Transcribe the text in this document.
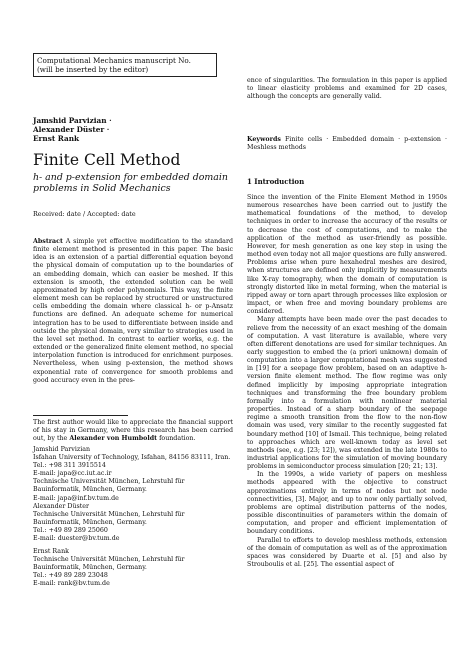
Computational Mechanics manuscript No.
(will be inserted by the editor)
Jamshid Parvizian ·
Alexander Düster ·
Ernst Rank
Finite Cell Method
h- and p-extension for embedded domain problems in Solid Mechanics
Received: date / Accepted: date
Abstract A simple yet effective modification to the standard finite element method is presented in this paper. The basic idea is an extension of a partial differential equation beyond the physical domain of computation up to the boundaries of an embedding domain, which can easier be meshed. If this extension is smooth, the extended solution can be well approximated by high order polynomials. This way, the finite element mesh can be replaced by structured or unstructured cells embedding the domain where classical h- or p-Ansatz functions are defined. An adequate scheme for numerical integration has to be used to differentiate between inside and outside the physical domain, very similar to strategies used in the level set method. In contrast to earlier works, e.g. the extended or the generalized finite element method, no special interpolation function is introduced for enrichment purposes. Nevertheless, when using p-extension, the method shows exponential rate of convergence for smooth problems and good accuracy even in the pres-
The first author would like to appreciate the financial support of his stay in Germany, where this research has been carried out, by the Alexander von Humboldt foundation.
Jamshid Parvizian
Isfahan University of Technology, Isfahan, 84156 83111, Iran.
Tel.: +98 311 3915514
E-mail: japa@cc.iut.ac.ir
Technische Universität München, Lehrstuhl für Bauinformatik, München, Germany.
E-mail: japa@inf.bv.tum.de
Alexander Düster
Technische Universität München, Lehrstuhl für Bauinformatik, München, Germany.
Tel.: +49 89 289 25060
E-mail: duester@bv.tum.de
Ernst Rank
Technische Universität München, Lehrstuhl für Bauinformatik, München, Germany.
Tel.: +49 89 289 23048
E-mail: rank@bv.tum.de
ence of singularities. The formulation in this paper is applied to linear elasticity problems and examined for 2D cases, although the concepts are generally valid.
Keywords Finite cells · Embedded domain · p-extension · Meshless methods
1 Introduction

Since the invention of the Finite Element Method in 1950s numerous researches have been carried out to justify the mathematical foundations of the method, to develop techniques in order to increase the accuracy of the results or to decrease the cost of computations, and to make the application of the method as user-friendly as possible. However, for mesh generation as one key step in using the method even today not all major questions are fully answered. Problems arise when pure hexahedral meshes are desired, when structures are defined only implicitly by measurements like X-ray tomography, when the domain of computation is strongly distorted like in metal forming, when the material is ripped away or torn apart through processes like explosion or impact, or when free and moving boundary problems are considered.

Many attempts have been made over the past decades to relieve from the necessity of an exact meshing of the domain of computation. A vast literature is available, where very often different denotations are used for similar techniques. An early suggestion to embed the (a priori unknown) domain of computation into a larger computational mesh was suggested in [19] for a seepage flow problem, based on an adaptive h-version finite element method. The flow regime was only defined implicitly by imposing appropriate integration techniques and transforming the free boundary problem formally into a formulation with nonlinear material properties. Instead of a sharp boundary of the seepage regime a smooth transition from the flow to the non-flow domain was used, very similar to the recently suggested fat boundary method [10] of Ismail. This technique, being related to approaches which are well-known today as level set methods (see, e.g. [23; 12]), was extended in the late 1980s to industrial applications for the simulation of moving boundary problems in semiconductor process simulation [20; 21; 13].

In the 1990s, a wide variety of papers on meshless methods appeared with the objective to construct approximations entirely in terms of nodes but not node connectivities, [3]. Major, and up to now only partially solved, problems are optimal distribution patterns of the nodes, possible discontinuities of parameters within the domain of computation, and proper and efficient implementation of boundary conditions.

Parallel to efforts to develop meshless methods, extension of the domain of computation as well as of the approximation spaces was considered by Duarte et al. [5] and also by Strouboulis et al. [25]. The essential aspect of
